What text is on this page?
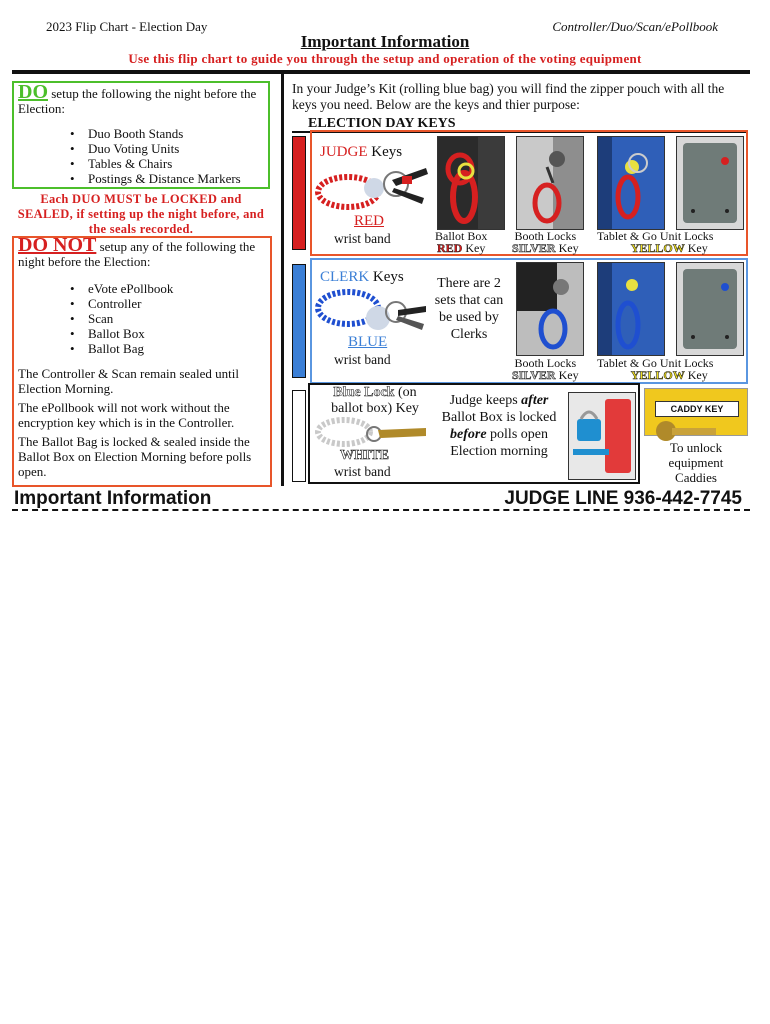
2023 Flip Chart - Election Day	Controller/Duo/Scan/ePollbook
Important Information
Use this flip chart to guide you through the setup and operation of the voting equipment
DO setup the following the night before the Election:
• Duo Booth Stands
• Duo Voting Units
• Tables & Chairs
• Postings & Distance Markers
Each DUO MUST be LOCKED and SEALED, if setting up the night before, and the seals recorded.
DO NOT setup any of the following the night before the Election:
• eVote ePollbook
• Controller
• Scan
• Ballot Box
• Ballot Bag
The Controller & Scan remain sealed until Election Morning.
The ePollbook will not work without the encryption key which is in the Controller.
The Ballot Bag is locked & sealed inside the Ballot Box on Election Morning before polls open.
Important Information	JUDGE LINE 936-442-7745
In your Judge’s Kit (rolling blue bag) you will find the zipper pouch with all the keys you need. Below are the keys and thier purpose:
ELECTION DAY KEYS
JUDGE Keys
RED
wrist band	Ballot Box
RED Key
Booth Locks
SILVER Key
Tablet & Go Unit Locks
YELLOW Key
CLERK Keys
BLUE
wrist band
There are 2 sets that can be used by Clerks
Booth Locks
SILVER Key
Tablet & Go Unit Locks
YELLOW Key
Blue Lock (on ballot box) Key
WHITE
wrist band
Judge keeps after Ballot Box is locked before polls open Election morning
CADDY KEY
To unlock equipment Caddies
